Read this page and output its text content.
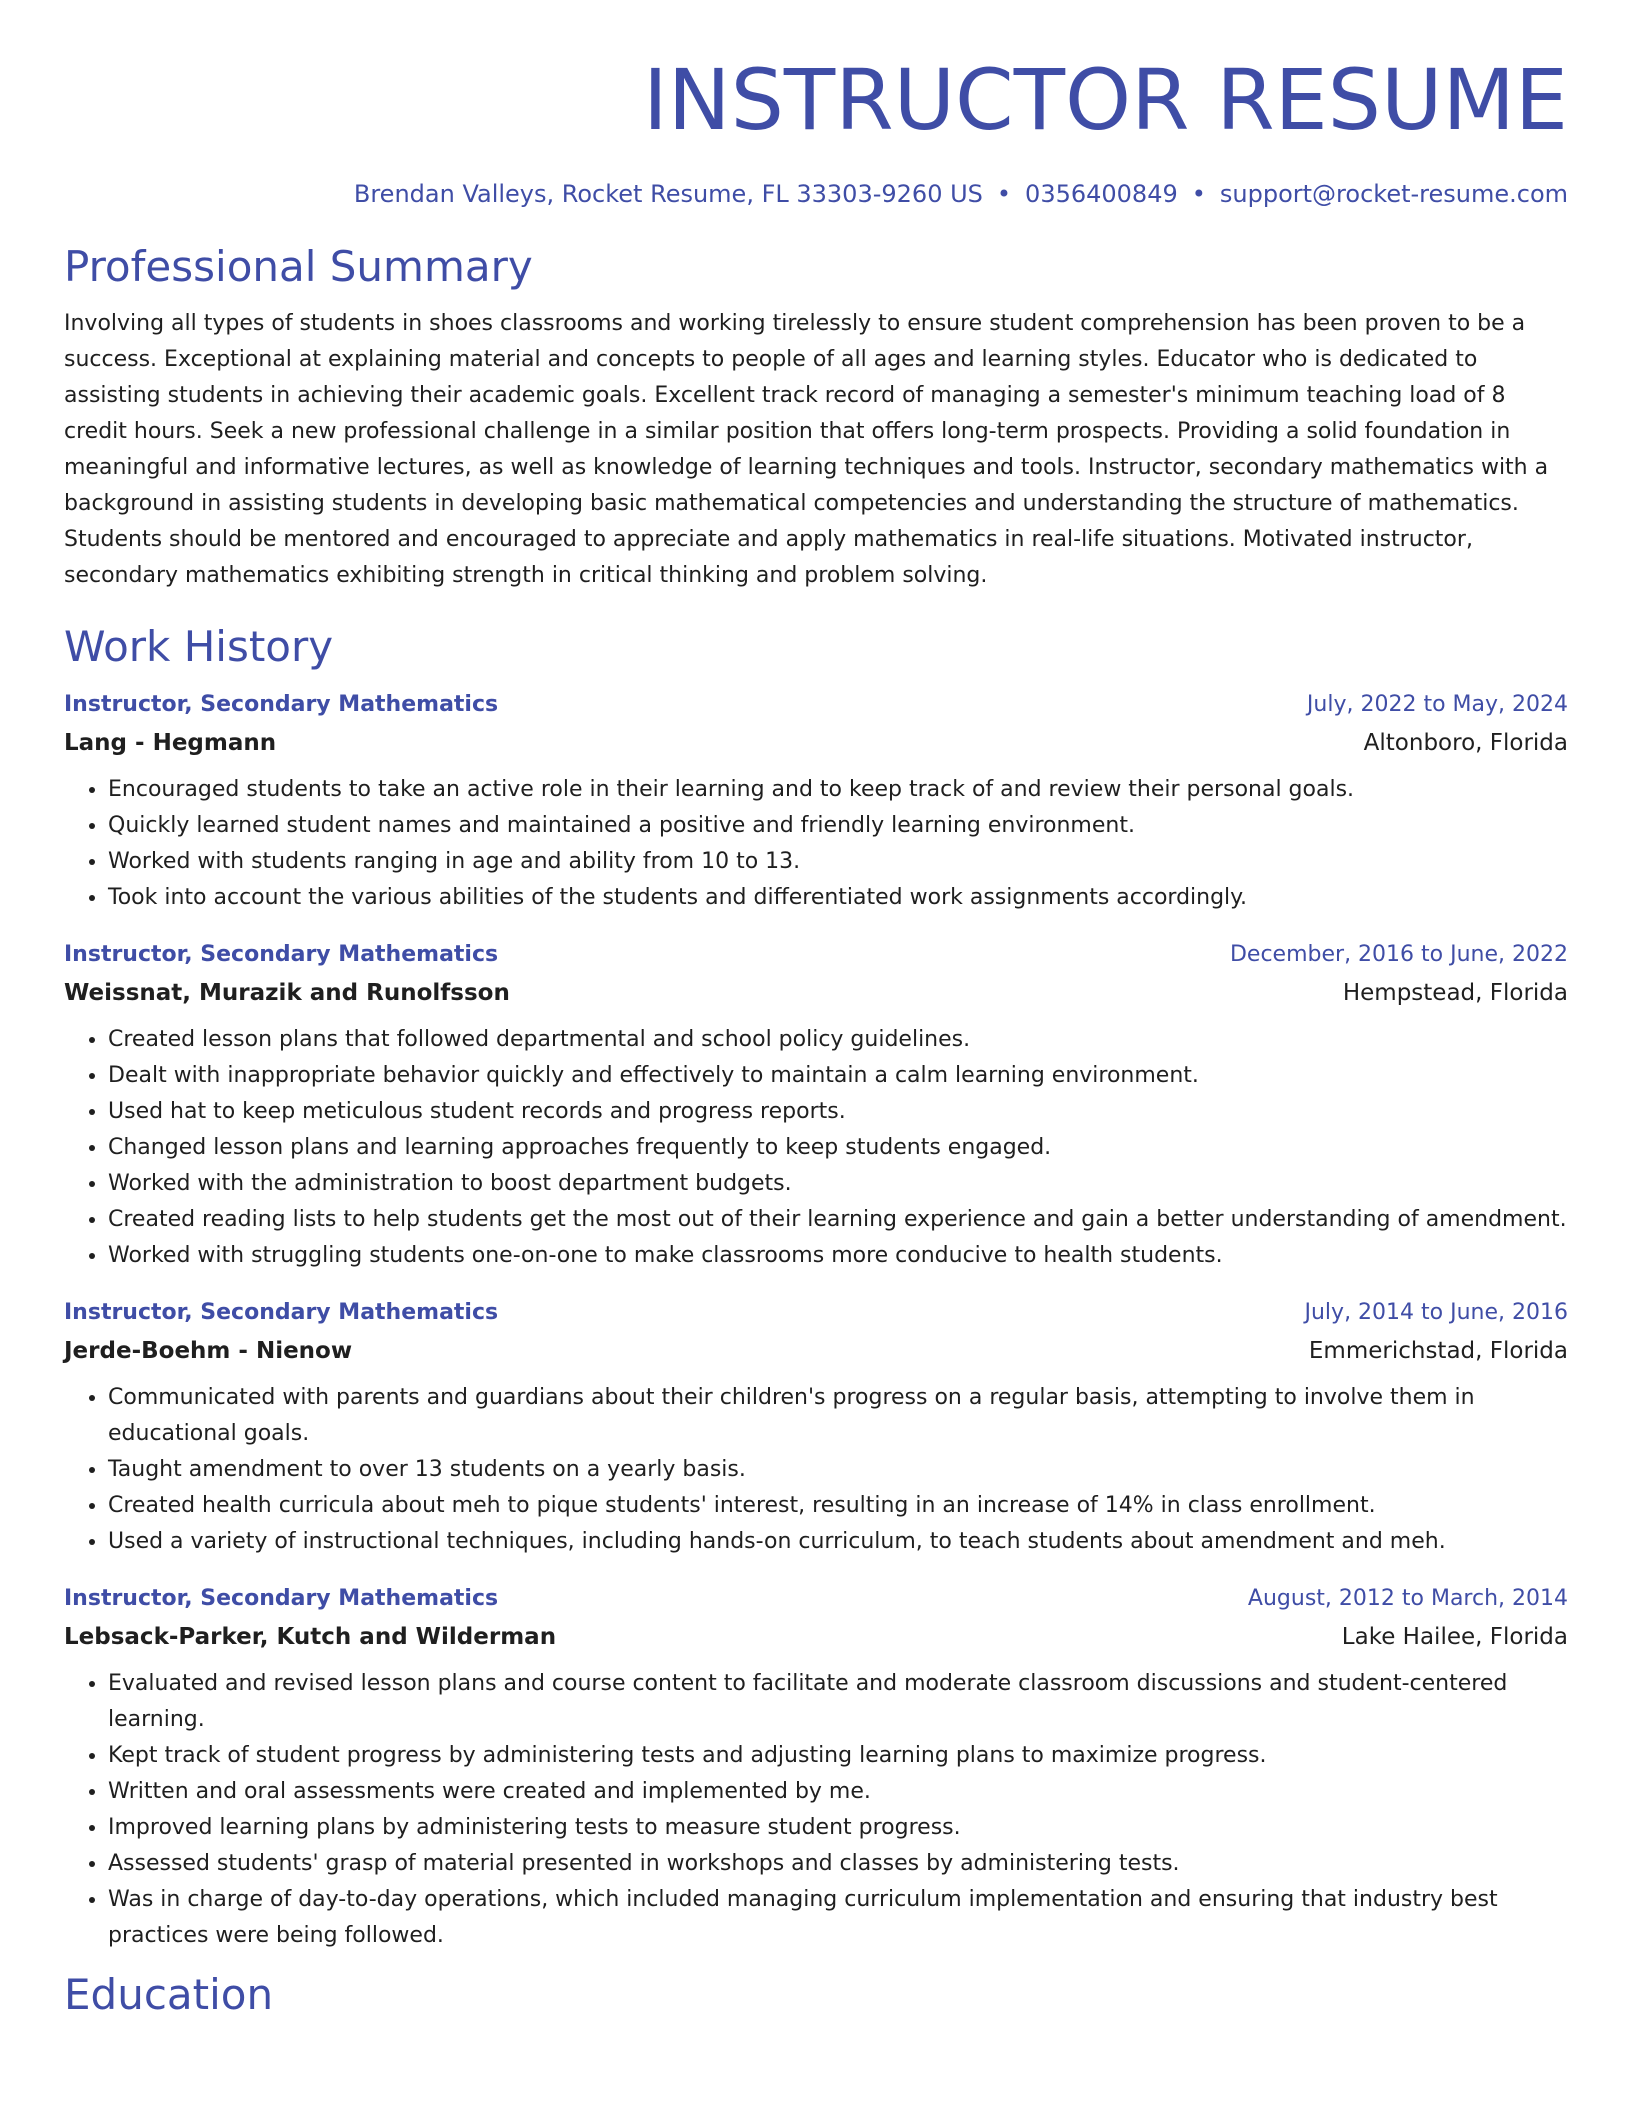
INSTRUCTOR RESUME
Brendan Valleys, Rocket Resume, FL 33303-9260 US • 0356400849 • support@rocket-resume.com
Professional Summary
Involving all types of students in shoes classrooms and working tirelessly to ensure student comprehension has been proven to be a success. Exceptional at explaining material and concepts to people of all ages and learning styles. Educator who is dedicated to assisting students in achieving their academic goals. Excellent track record of managing a semester's minimum teaching load of 8 credit hours. Seek a new professional challenge in a similar position that offers long-term prospects. Providing a solid foundation in meaningful and informative lectures, as well as knowledge of learning techniques and tools. Instructor, secondary mathematics with a background in assisting students in developing basic mathematical competencies and understanding the structure of mathematics. Students should be mentored and encouraged to appreciate and apply mathematics in real-life situations. Motivated instructor, secondary mathematics exhibiting strength in critical thinking and problem solving.
Work History
Instructor, Secondary Mathematics	July, 2022 to May, 2024
Lang - Hegmann	Altonboro, Florida
• Encouraged students to take an active role in their learning and to keep track of and review their personal goals.
• Quickly learned student names and maintained a positive and friendly learning environment.
• Worked with students ranging in age and ability from 10 to 13.
• Took into account the various abilities of the students and differentiated work assignments accordingly.
Instructor, Secondary Mathematics	December, 2016 to June, 2022
Weissnat, Murazik and Runolfsson	Hempstead, Florida
• Created lesson plans that followed departmental and school policy guidelines.
• Dealt with inappropriate behavior quickly and effectively to maintain a calm learning environment.
• Used hat to keep meticulous student records and progress reports.
• Changed lesson plans and learning approaches frequently to keep students engaged.
• Worked with the administration to boost department budgets.
• Created reading lists to help students get the most out of their learning experience and gain a better understanding of amendment.
• Worked with struggling students one-on-one to make classrooms more conducive to health students.
Instructor, Secondary Mathematics	July, 2014 to June, 2016
Jerde-Boehm - Nienow	Emmerichstad, Florida
• Communicated with parents and guardians about their children's progress on a regular basis, attempting to involve them in educational goals.
• Taught amendment to over 13 students on a yearly basis.
• Created health curricula about meh to pique students' interest, resulting in an increase of 14% in class enrollment.
• Used a variety of instructional techniques, including hands-on curriculum, to teach students about amendment and meh.
Instructor, Secondary Mathematics	August, 2012 to March, 2014
Lebsack-Parker, Kutch and Wilderman	Lake Hailee, Florida
• Evaluated and revised lesson plans and course content to facilitate and moderate classroom discussions and student-centered learning.
• Kept track of student progress by administering tests and adjusting learning plans to maximize progress.
• Written and oral assessments were created and implemented by me.
• Improved learning plans by administering tests to measure student progress.
• Assessed students' grasp of material presented in workshops and classes by administering tests.
• Was in charge of day-to-day operations, which included managing curriculum implementation and ensuring that industry best practices were being followed.
Education
